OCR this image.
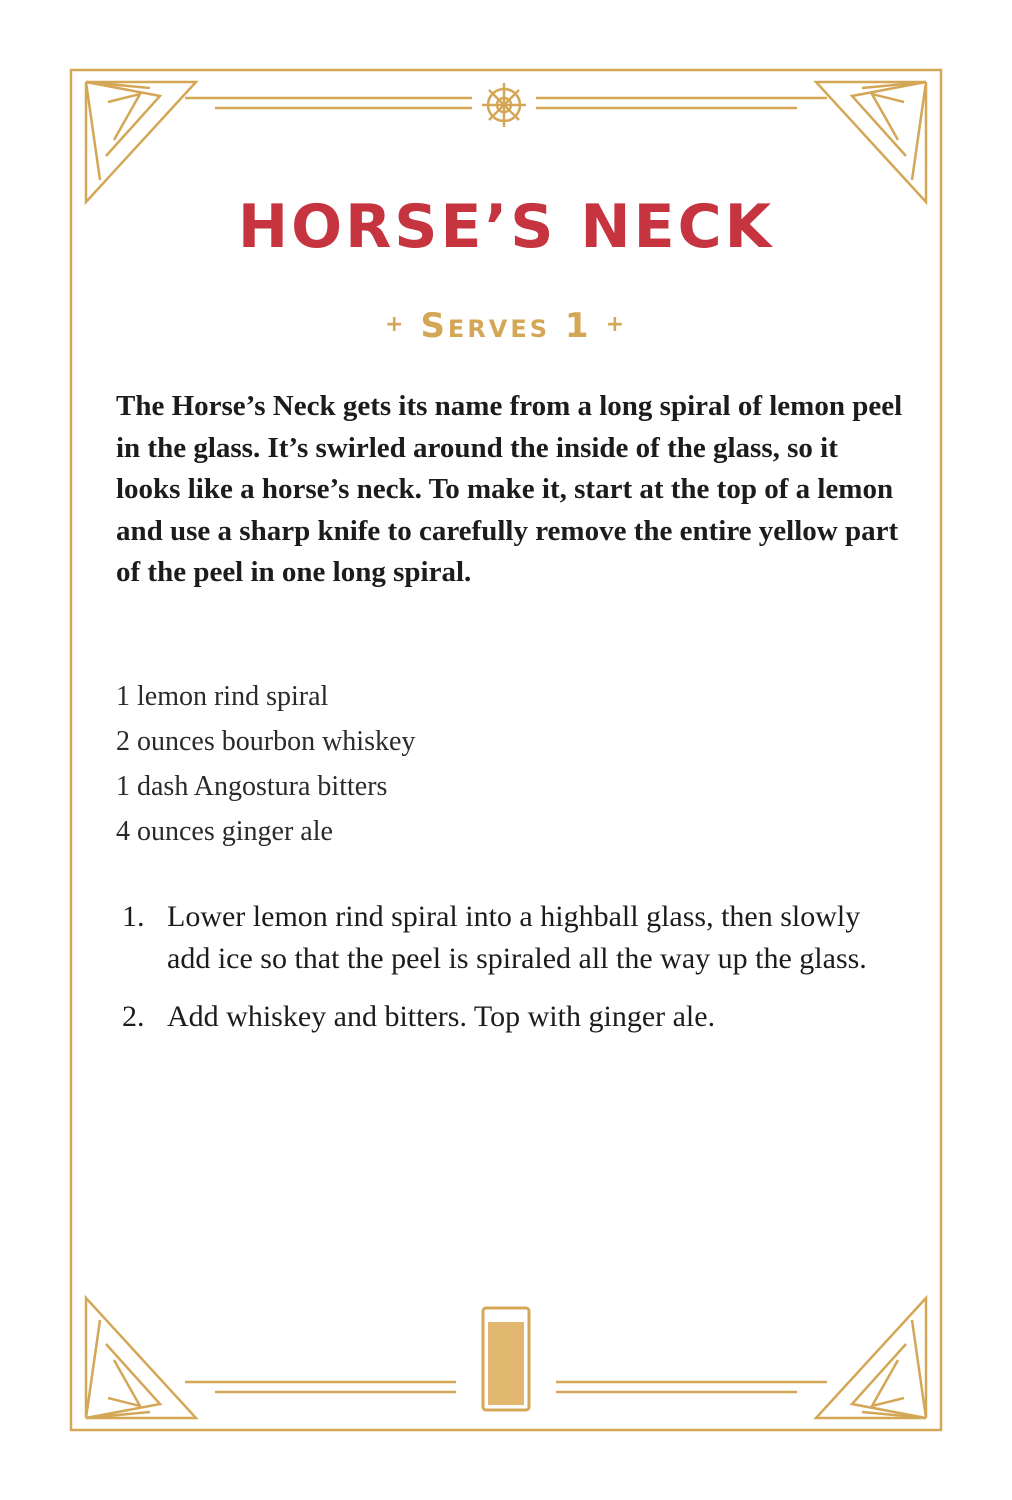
HORSE’S NECK
+ Serves 1 +

The Horse’s Neck gets its name from a long spiral of lemon peel in the glass. It’s swirled around the inside of the glass, so it looks like a horse’s neck. To make it, start at the top of a lemon and use a sharp knife to carefully remove the entire yellow part of the peel in one long spiral.

1 lemon rind spiral
2 ounces bourbon whiskey
1 dash Angostura bitters
4 ounces ginger ale
1. Lower lemon rind spiral into a highball glass, then slowly add ice so that the peel is spiraled all the way up the glass.
2. Add whiskey and bitters. Top with ginger ale.
